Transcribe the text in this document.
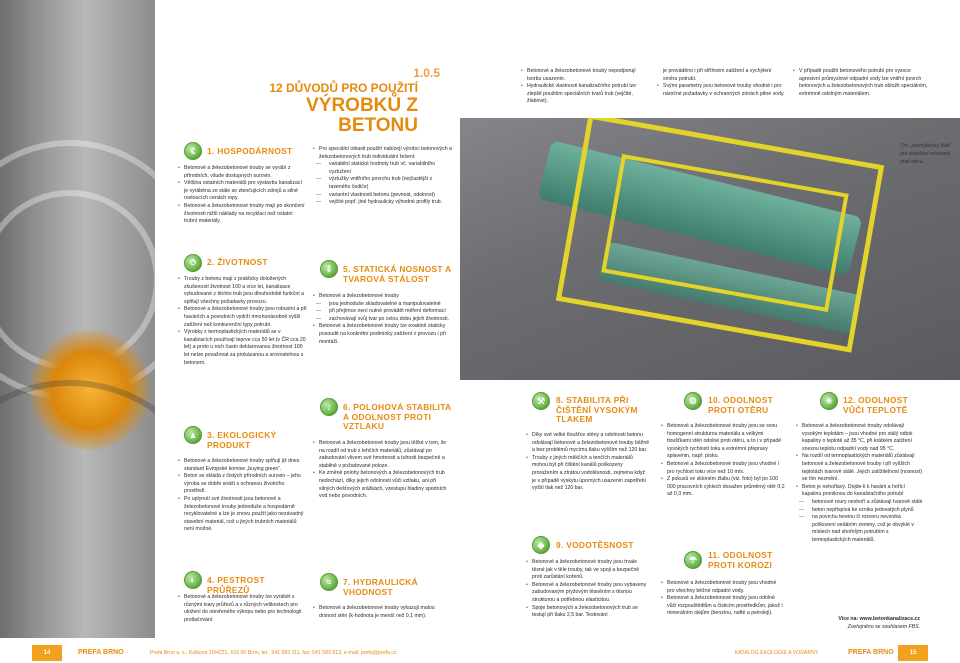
1.0.5
12 DŮVODŮ PRO POUŽITÍ
VÝROBKŮ Z BETONU

• Betonové a železobetonové trouby nepodporují tvorbu usazenin.

• Hydraulické vlastnosti kanalizačního potrubí lze zlepšit použitím speciálních tvarů trub (vejčité, žlabové).

je prováděno i při stříhném zatížení a vychýlení směru potrubí.

• Svými parametry jsou betonové trouby vhodné i pro náročné požadavky v ochranných zónách pitné vody.

• V případě použití betonového potrubí pro vysoce agresivní průmyslové odpadní vody lze vnitřní povrch betonových a železobetonových trub obložit speciálním, extrémně odolným materiálem.

Tzv. „dormštatský žlab“ pro zkoušení odolnosti proti otěru.
€	1. HOSPODÁRNOST

• Betonové a železobetonové trouby se vyrábí z přírodních, všude dostupných surovin.

• Většina ostatních materiálů pro výstavbu kanalizací je vyráběna ze stále se ztenčujících zdrojů a silně rostoucích cenách ropy.

• Betonové a železobetonové trouby mají po skončení životnosti nižší náklady na recyklaci než ostatní trubní materiály.

• Pro speciální oblasti použití nabízejí výrobci betonových a železobetonových trub individuální řešení:

— variabilní statické hodnoty trub vč. variabilního vyztužení

— výztužky vnitřního povrchu trub (nejčastější z taveného čediče)

— variantní vlastnosti betonu (pevnost, odolnost)

— vejčité popř. jiné hydraulicky výhodné profily trub.

⏱	2. ŽIVOTNOST

• Trouby z betonu mají z prakticky doložených zkušeností životnost 100 a více let, kanalizace vybudované z těchto trub jsou dlouhodobě funkční a splňují všechny požadavky provozu.

• Betonové a železobetonové trouby jsou robustní a při haváriích a povodních vydrží mnohonásobně vyšší zatížení než konkurenční typy potrubí.

• Výrobky z termoplastických materiálů se v kanalizacích používají teprve cca 50 let (v ČR cca 20 let) a proto u nich často deklarovanou životnost 100 let nelze považovat za prokázanou a srovnatelnou s betonem.

▲	3. EKOLOGICKÝ PRODUKT

• Betonové a železobetonové trouby splňují již dnes standard Evropské komise „buying green“.

• Beton se skládá z čistých přírodních surovin – jeho výroba se dobře snáší s ochranou životního prostředí.

• Po uplynutí své životnosti jsou betonové a železobetonové trouby jednoduše a hospodárně recyklovatelné a lze je znovu použít jako nezávadný stavební materiál, což u jiných trubních materiálů není možné.

◐	4. PESTROST PRŮŘEZŮ

• Betonové a železobetonové trouby lze vyrábět s různými tvary průřezů a v různých velikostech pro uložení do otevřeného výkopu nebo pro technologii protlačování.

⇩	5. STATICKÁ NOSNOST A TVAROVÁ STÁLOST

• Betonové a železobetonové trouby

— jsou jednoduše skladovatelné a manipulovatelné

— při přejímce není nutné provádět měření deformací

— zachovávají svůj tvar po celou dobu jejich životnosti.

• Betonové a železobetonové trouby lze exaktně staticky posoudit na konkrétní podmínky zatížení v provozu i při montáži.

↕	6. POLOHOVÁ STABILITA A ODOLNOST PROTI VZTLAKU

• Betonové a železobetonové trouby jsou těžké v tom, že na rozdíl od trub z lehčích materiálů, zůstávají po zabudování vlivem své hmotnosti a tuhosti bezpečně a stabilně v požadované poloze.

• Ke změně polohy betonových a železobetonových trub nedochází, díky jejich odolnosti vůči vztlaku, ani při silných dešťových srážkách, vzestupu hladiny spodních vod nebo povodních.

≈	7. HYDRAULICKÁ VHODNOST

• Betonové a železobetonové trouby vykazují malou drsnost stěn (k-hodnota je menší než 0,1 mm).

⚒	8. STABILITA PŘI ČIŠTĚNÍ VYSOKÝM TLAKEM

• Díky své velké tloušťce stěny a odolnosti betonu odolávají betonové a železobetonové trouby běžně a bez problémů mycímu tlaku vyšším než 120 bar.

• Trouby z jiných měkčích a tenčích materiálů mohou být při čištění kanálů poškozeny proražením a ztrátou vodotěsnosti, zejména když je v případě výskytu úporných usazenin zapotřebí vyšší tlak než 120 bar.

◆	9. VODOTĚSNOST

• Betonové a železobetonové trouby jsou trvale těsné jak v těle trouby, tak ve spoji a bezpečně proti zarůstání kořenů.

• Betonové a železobetonové trouby jsou vybaveny zabudovaným pryžovým těsněním s těsnou strukturou a potřebnou elasticitou.

• Spoje betonových a železobetonových trub se testují při tlaku 2,5 bar. Testování

⚙	10. ODOLNOST PROTI OTĚRU

• Betonové a železobetonové trouby jsou se svou homogenní strukturou materiálu a velkými tloušťkami stěn odolné proti otěru, a to i v případě vysokých rychlostí toku a extrémní přepravy splavenin, např. písku.

• Betonové a železobetonové trouby jsou vhodné i pro rychlost toku více než 10 m/s.

• Z pokusů ve skloném žlabu (viz. foto) byl po 100 000 pracovních cyklech dosažen průměrný otěr 0,2 až 0,3 mm.

☂	11. ODOLNOST PROTI KOROZI

• Betonové a železobetonové trouby jsou vhodné pro všechny běžné odpadní vody.

• Betonové a železobetonové trouby jsou odolné vůči rozpouštědlům a čisticím prostředkům, jakož i minerálním olejům (benzínu, naftě a petroleji).

✳	12. ODOLNOST VŮČI TEPLOTĚ

• Betonové a železobetonové trouby odolávají vysokým teplotám – jsou vhodné pro stálý odtok kapaliny o teplotě až 35 °C, při krátkém zatížení snesou teplotu odpadní vody nad 95 °C.

• Na rozdíl od termoplastických materiálů zůstávají betonové a železobetonové trouby i při vyšších teplotách tvarově stálé. Jejich zatížitelnost (nosnost) se tím nezmění.

• Beton je nehořlavý. Dojde-li k havárii a hořící kapalinu proniknou do kanalizačního potrubí

— betonové roury neshoří a zůstávají tvarově stálé

— beton nepřispívá ke vzniku jedovatých plynů

— na povrchu tereinu či rozvoru nevzniká poškození sedáním zeminy, což je obvyklé v místech nad shořelým potrubím z termoplastických materiálů.

Více na: www.betonkanalizace.cz
Zveřejněno se souhlasem FBS.
14	PREFA BRNO	Prefa Brno a. s., Kulkova 10/4231, 615 00 Brno, tel.: 541 583 111, fax: 541 583 813, e-mail: prefa@prefa.cz	KATALOG EKOLOGIE A VODÁRNY	PREFA BRNO	15
